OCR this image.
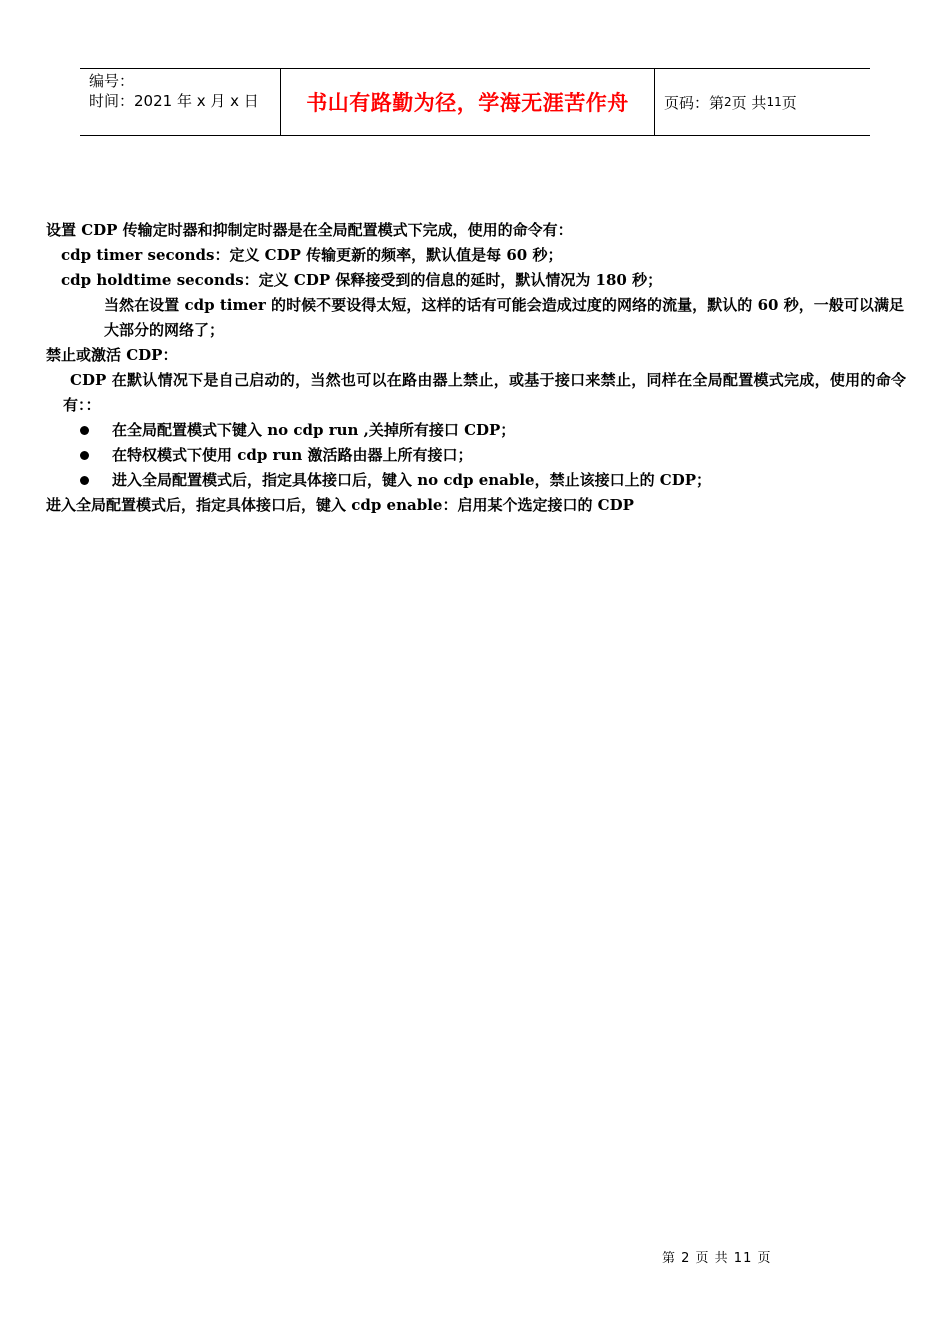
编号：
时间：2021 年 x 月 x 日	书山有路勤为径，学海无涯苦作舟	页码：第 2 页 共 11 页
设置 CDP 传输定时器和抑制定时器是在全局配置模式下完成，使用的命令有：
cdp timer seconds：定义 CDP 传输更新的频率，默认值是每 60 秒；
cdp holdtime seconds：定义 CDP 保释接受到的信息的延时，默认情况为 180 秒；
当然在设置 cdp timer 的时候不要设得太短，这样的话有可能会造成过度的网络的流量，默认的 60 秒，一般可以满足大部分的网络了；
禁止或激活 CDP：
CDP 在默认情况下是自己启动的，当然也可以在路由器上禁止，或基于接口来禁止，同样在全局配置模式完成，使用的命令有：：
在全局配置模式下键入 no cdp run ,关掉所有接口 CDP；
在特权模式下使用 cdp run 激活路由器上所有接口；
进入全局配置模式后，指定具体接口后，键入 no cdp enable，禁止该接口上的 CDP；
进入全局配置模式后，指定具体接口后，键入 cdp enable：启用某个选定接口的 CDP
第 2 页 共 11 页
